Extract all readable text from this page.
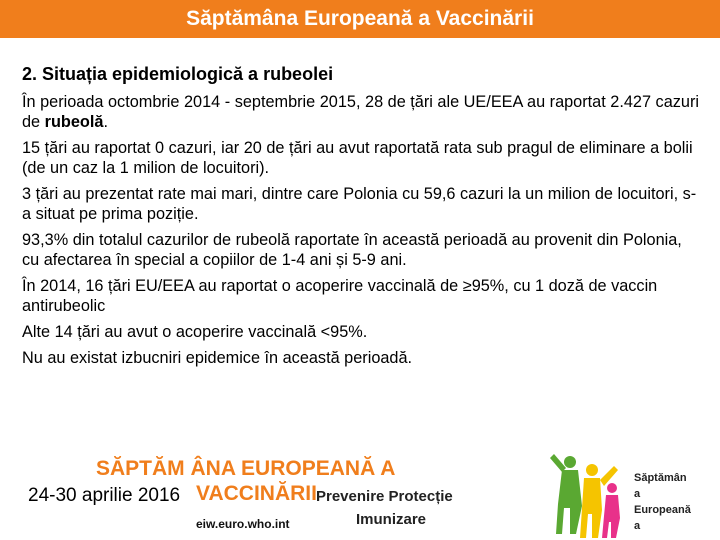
Săptămâna Europeană a Vaccinării

2. Situația epidemiologică a rubeolei

În perioada octombrie 2014 - septembrie 2015, 28 de țări ale UE/EEA au raportat 2.427 cazuri de rubeolă.

15 țări au raportat 0 cazuri, iar 20 de țări au avut raportată rata sub pragul de eliminare a bolii (de un caz la 1 milion de locuitori).

3 țări au prezentat rate mai mari, dintre care Polonia cu 59,6 cazuri la un milion de locuitori, s-a situat pe prima poziție.

93,3% din totalul cazurilor de rubeolă raportate în această perioadă au provenit din Polonia, cu afectarea în special a copiilor de 1-4 ani și 5-9 ani.

În 2014, 16 țări EU/EEA au raportat o acoperire vaccinală de ≥95%, cu 1 doză de vaccin antirubeolic

Alte 14 țări au avut o acoperire vaccinală <95%.

Nu au existat izbucniri epidemice în această perioadă.

SĂPTĂM ÂNA EUROPEANĂ A
24-30 aprilie 2016 VACCINĂRII Prevenire Protecție
Imunizare
eiw.euro.who.int
Săptămân
a
Europeană
a
